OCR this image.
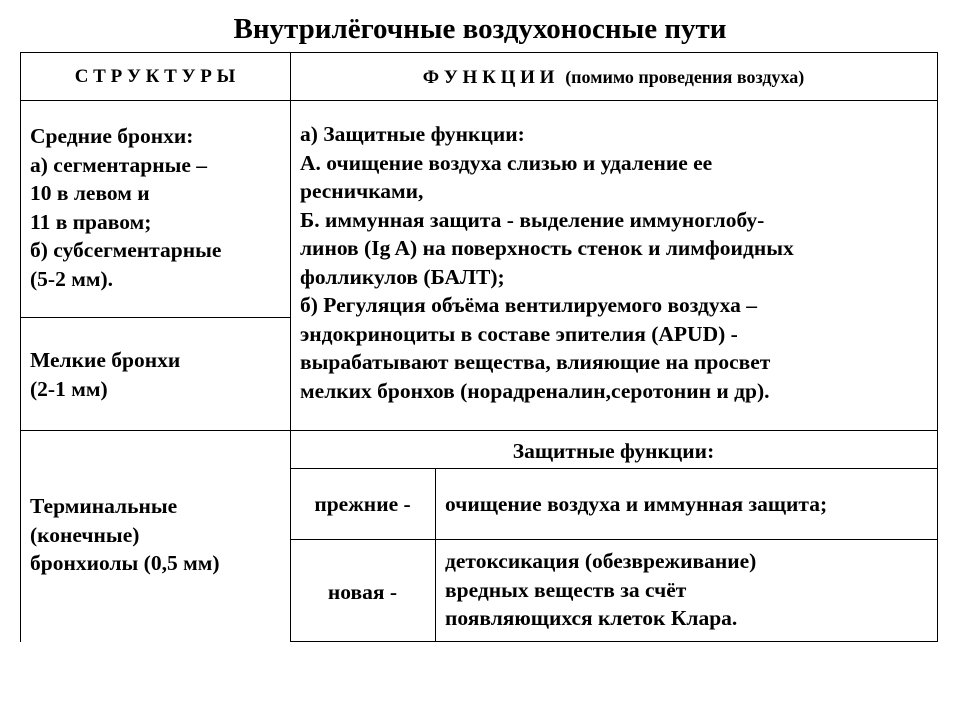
Внутрилёгочные воздухоносные пути
С Т Р У К Т У Р Ы	Ф У Н К Ц И И (помимо проведения воздуха)
Средние бронхи:
а) сегментарные –
10 в левом и
11 в правом;
б) субсегментарные
(5-2 мм).
Мелкие бронхи
(2-1 мм)
а) Защитные функции:
А. очищение воздуха слизью и удаление ее
ресничками,
Б. иммунная защита - выделение иммуноглобу-
линов (Ig A) на поверхность стенок и лимфоидных
фолликулов (БАЛТ);
б) Регуляция объёма вентилируемого воздуха –
эндокриноциты в составе эпителия (APUD) -
вырабатывают вещества, влияющие на просвет
мелких бронхов (норадреналин,серотонин и др).
Терминальные
(конечные)
бронхиолы (0,5 мм)
Защитные функции:
прежние -	очищение воздуха и иммунная защита;
новая -
детоксикация (обезвреживание)
вредных веществ за счёт
появляющихся клеток Клара.
